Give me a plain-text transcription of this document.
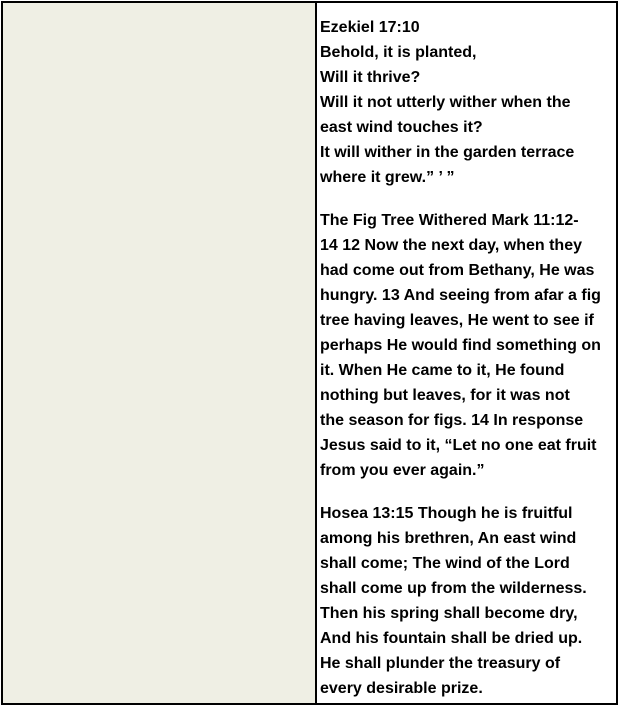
Ezekiel 17:10
Behold, it is planted,
Will it thrive?
Will it not utterly wither when the
east wind touches it?
It will wither in the garden terrace
where it grew.” ’ ”
The Fig Tree Withered Mark 11:12-
14 12 Now the next day, when they
had come out from Bethany, He was
hungry. 13 And seeing from afar a fig
tree having leaves, He went to see if
perhaps He would find something on
it. When He came to it, He found
nothing but leaves, for it was not
the season for figs. 14 In response
Jesus said to it, “Let no one eat fruit
from you ever again.”
Hosea 13:15 Though he is fruitful
among his brethren, An east wind
shall come; The wind of the Lord
shall come up from the wilderness.
Then his spring shall become dry,
And his fountain shall be dried up.
He shall plunder the treasury of
every desirable prize.
